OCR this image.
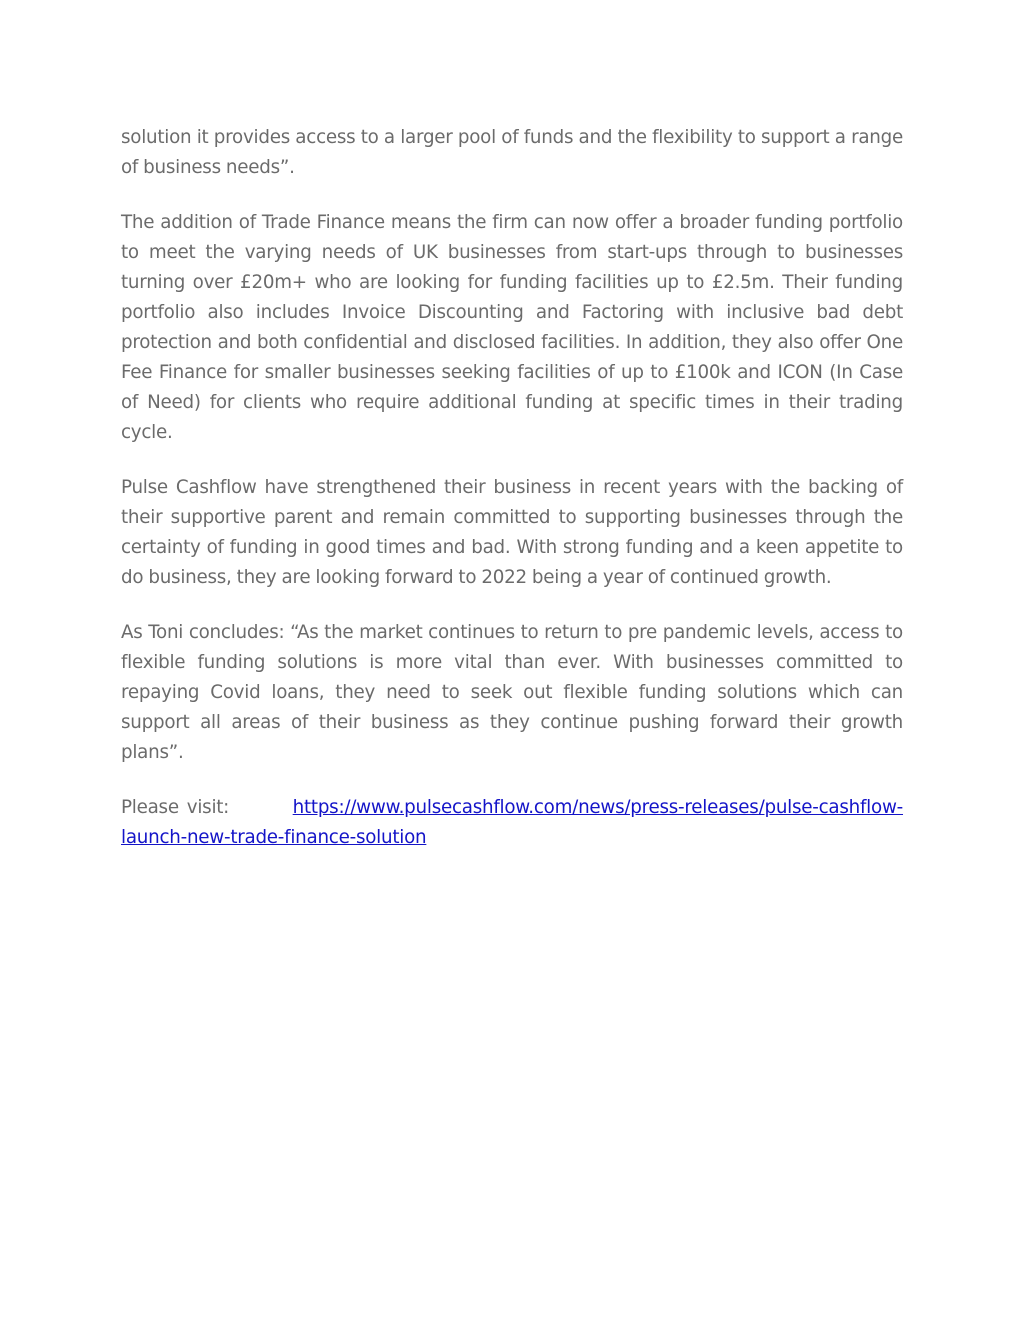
solution it provides access to a larger pool of funds and the flexibility to support a range of business needs”.

The addition of Trade Finance means the firm can now offer a broader funding portfolio to meet the varying needs of UK businesses from start-ups through to businesses turning over £20m+ who are looking for funding facilities up to £2.5m. Their funding portfolio also includes Invoice Discounting and Factoring with inclusive bad debt protection and both confidential and disclosed facilities. In addition, they also offer One Fee Finance for smaller businesses seeking facilities of up to £100k and ICON (In Case of Need) for clients who require additional funding at specific times in their trading cycle.

Pulse Cashflow have strengthened their business in recent years with the backing of their supportive parent and remain committed to supporting businesses through the certainty of funding in good times and bad. With strong funding and a keen appetite to do business, they are looking forward to 2022 being a year of continued growth.

As Toni concludes: “As the market continues to return to pre pandemic levels, access to flexible funding solutions is more vital than ever. With businesses committed to repaying Covid loans, they need to seek out flexible funding solutions which can support all areas of their business as they continue pushing forward their growth plans”.

Please visit:	https://www.pulsecashflow.com/news/press-releases/pulse-cashflow-launch-new-trade-finance-solution
